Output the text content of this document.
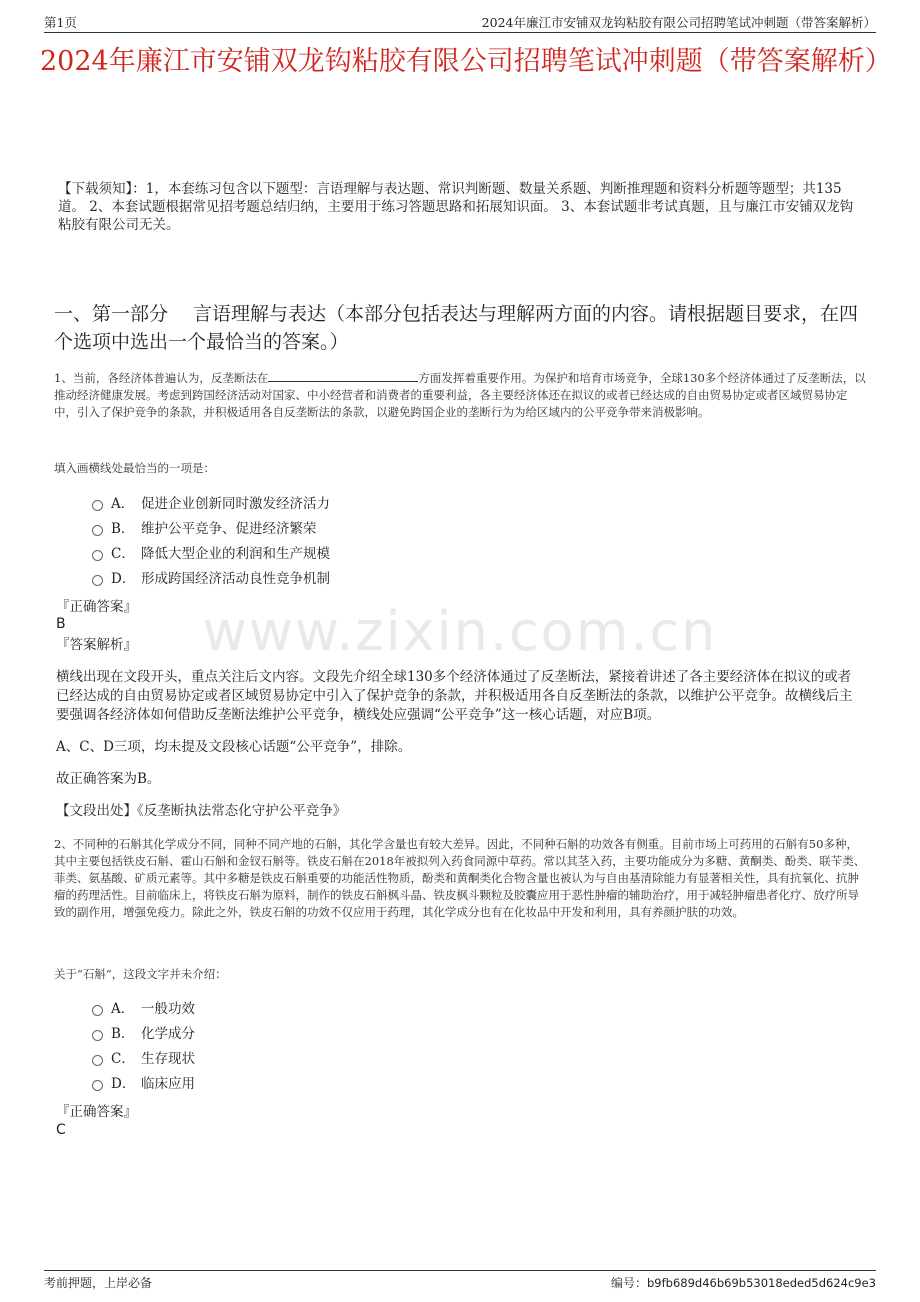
第1页	2024年廉江市安铺双龙钩粘胶有限公司招聘笔试冲刺题（带答案解析）
2024年廉江市安铺双龙钩粘胶有限公司招聘笔试冲刺题（带答案解析）
【下载须知】：1，本套练习包含以下题型：言语理解与表达题、常识判断题、数量关系题、判断推理题和资料分析题等题型；共135道。 2、本套试题根据常见招考题总结归纳，主要用于练习答题思路和拓展知识面。 3、本套试题非考试真题，且与廉江市安铺双龙钩粘胶有限公司无关。
一、第一部分　 言语理解与表达（本部分包括表达与理解两方面的内容。请根据题目要求，在四个选项中选出一个最恰当的答案。）
www.zixin.com.cn
1、当前，各经济体普遍认为，反垄断法在	方面发挥着重要作用。为保护和培育市场竞争，全球130多个经济体通过了反垄断法，以推动经济健康发展。考虑到跨国经济活动对国家、中小经营者和消费者的重要利益，各主要经济体还在拟议的或者已经达成的自由贸易协定或者区域贸易协定中，引入了保护竞争的条款，并积极适用各自反垄断法的条款，以避免跨国企业的垄断行为为给区域内的公平竞争带来消极影响。
填入画横线处最恰当的一项是：
A． 促进企业创新同时激发经济活力
B． 维护公平竞争、促进经济繁荣
C． 降低大型企业的利润和生产规模
D． 形成跨国经济活动良性竞争机制
『正确答案』
B
『答案解析』
横线出现在文段开头，重点关注后文内容。文段先介绍全球130多个经济体通过了反垄断法，紧接着讲述了各主要经济体在拟议的或者已经达成的自由贸易协定或者区域贸易协定中引入了保护竞争的条款，并积极适用各自反垄断法的条款，以维护公平竞争。故横线后主要强调各经济体如何借助反垄断法维护公平竞争，横线处应强调“公平竞争”这一核心话题，对应B项。
A、C、D三项，均未提及文段核心话题“公平竞争”，排除。
故正确答案为B。
【文段出处】《反垄断执法常态化守护公平竞争》
2、不同种的石斛其化学成分不同，同种不同产地的石斛，其化学含量也有较大差异。因此，不同种石斛的功效各有侧重。目前市场上可药用的石斛有50多种，其中主要包括铁皮石斛、霍山石斛和金钗石斛等。铁皮石斛在2018年被拟列入药食同源中草药。常以其茎入药，主要功能成分为多糖、黄酮类、酚类、联苄类、菲类、氨基酸、矿质元素等。其中多糖是铁皮石斛重要的功能活性物质，酚类和黄酮类化合物含量也被认为与自由基清除能力有显著相关性，具有抗氧化、抗肿瘤的药理活性。目前临床上，将铁皮石斛为原料，制作的铁皮石斛枫斗晶、铁皮枫斗颗粒及胶囊应用于恶性肿瘤的辅助治疗，用于减轻肿瘤患者化疗、放疗所导致的副作用，增强免疫力。除此之外，铁皮石斛的功效不仅应用于药理，其化学成分也有在化妆品中开发和利用，具有养颜护肤的功效。
关于“石斛”，这段文字并未介绍：
A． 一般功效
B． 化学成分
C． 生存现状
D． 临床应用
『正确答案』
C
考前押题，上岸必备	编号：b9fb689d46b69b53018eded5d624c9e3
